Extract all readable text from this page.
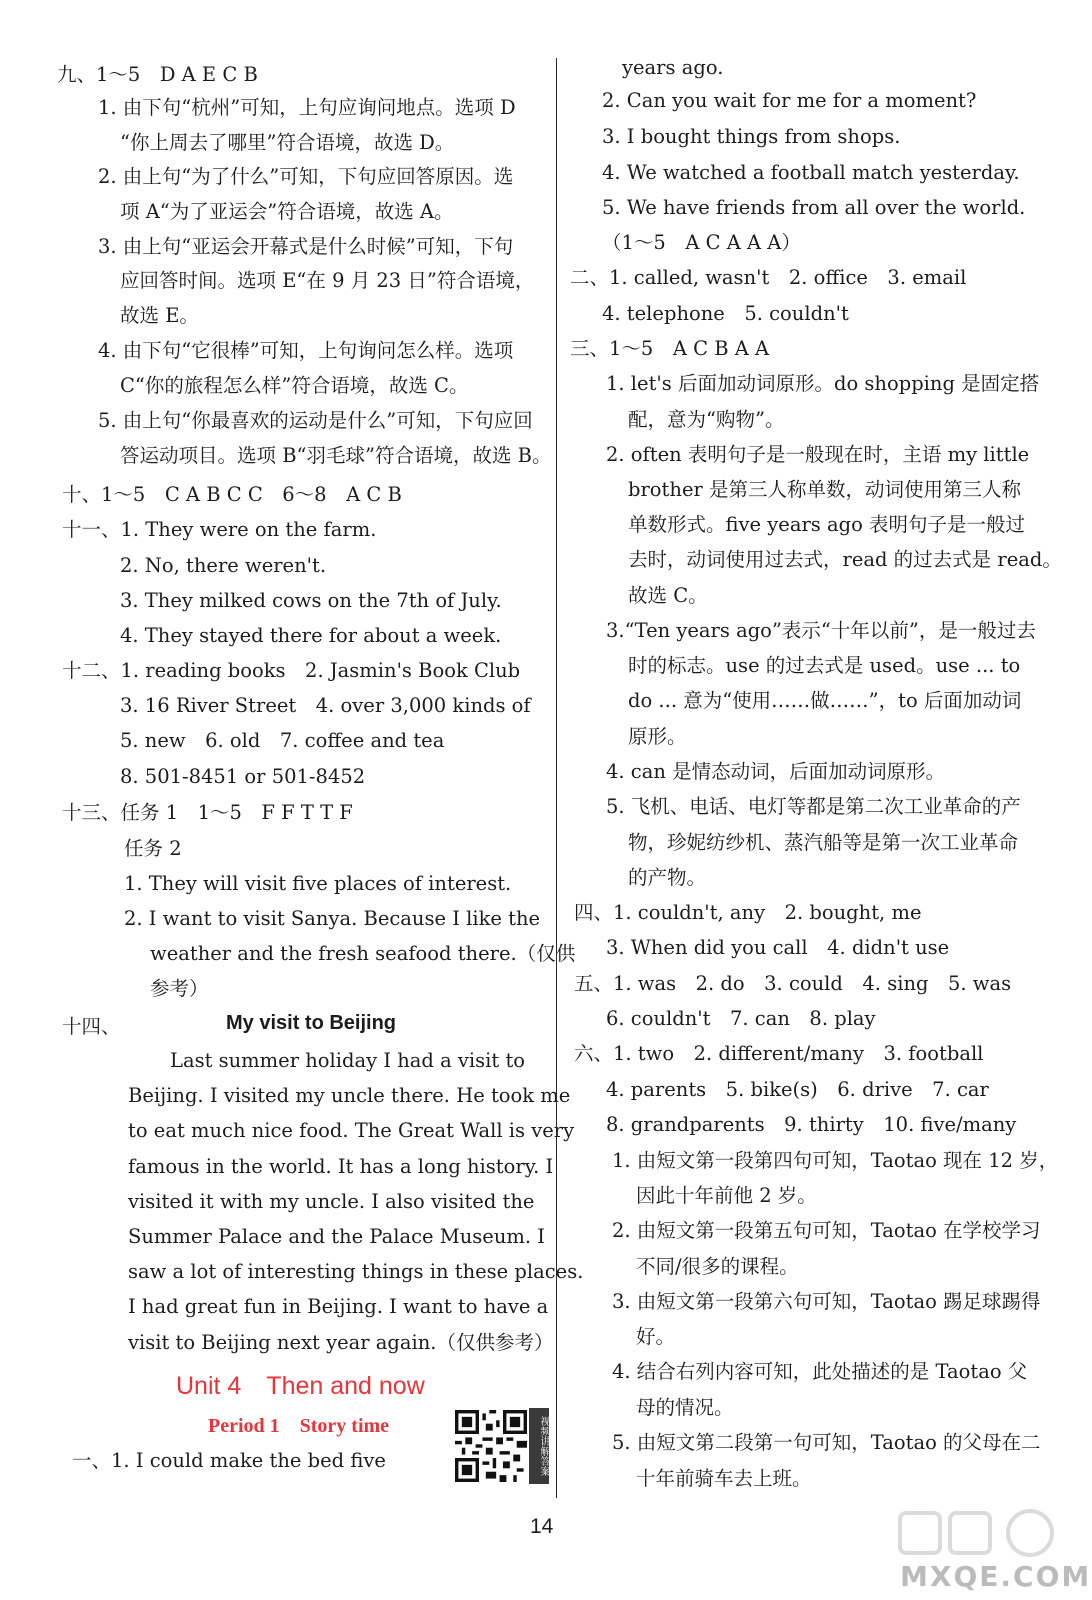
九、1～5　D A E C B
1. 由下句“杭州”可知，上句应询问地点。选项 D
“你上周去了哪里”符合语境，故选 D。
2. 由上句“为了什么”可知，下句应回答原因。选
项 A“为了亚运会”符合语境，故选 A。
3. 由上句“亚运会开幕式是什么时候”可知，下句
应回答时间。选项 E“在 9 月 23 日”符合语境，
故选 E。
4. 由下句“它很棒”可知，上句询问怎么样。选项
C“你的旅程怎么样”符合语境，故选 C。
5. 由上句“你最喜欢的运动是什么”可知，下句应回
答运动项目。选项 B“羽毛球”符合语境，故选 B。
十、1～5　C A B C C　6～8　A C B
十一、1. They were on the farm.
2. No, there weren't.
3. They milked cows on the 7th of July.
4. They stayed there for about a week.
十二、1. reading books　2. Jasmin's Book Club
3. 16 River Street　4. over 3,000 kinds of
5. new　6. old　7. coffee and tea
8. 501-8451 or 501-8452
十三、任务 1　1～5　F F T T F
任务 2
1. They will visit five places of interest.
2. I want to visit Sanya. Because I like the
weather and the fresh seafood there.（仅供
参考）
十四、
Last summer holiday I had a visit to
Beijing. I visited my uncle there. He took me
to eat much nice food. The Great Wall is very
famous in the world. It has a long history. I
visited it with my uncle. I also visited the
Summer Palace and the Palace Museum. I
saw a lot of interesting things in these places.
I had great fun in Beijing. I want to have a
visit to Beijing next year again.（仅供参考）
一、1. I could make the bed five
years ago.
2. Can you wait for me for a moment?
3. I bought things from shops.
4. We watched a football match yesterday.
5. We have friends from all over the world.
（1～5　A C A A A）
二、1. called, wasn't　2. office　3. email
4. telephone　5. couldn't
三、1～5　A C B A A
1. let's 后面加动词原形。do shopping 是固定搭
配，意为“购物”。
2. often 表明句子是一般现在时，主语 my little
brother 是第三人称单数，动词使用第三人称
单数形式。five years ago 表明句子是一般过
去时，动词使用过去式，read 的过去式是 read。
故选 C。
3.“Ten years ago”表示“十年以前”，是一般过去
时的标志。use 的过去式是 used。use ... to
do ... 意为“使用……做……”，to 后面加动词
原形。
4. can 是情态动词，后面加动词原形。
5. 飞机、电话、电灯等都是第二次工业革命的产
物，珍妮纺纱机、蒸汽船等是第一次工业革命
的产物。
四、1. couldn't, any　2. bought, me
3. When did you call　4. didn't use
五、1. was　2. do　3. could　4. sing　5. was
6. couldn't　7. can　8. play
六、1. two　2. different/many　3. football
4. parents　5. bike(s)　6. drive　7. car
8. grandparents　9. thirty　10. five/many
1. 由短文第一段第四句可知，Taotao 现在 12 岁，
因此十年前他 2 岁。
2. 由短文第一段第五句可知，Taotao 在学校学习
不同/很多的课程。
3. 由短文第一段第六句可知，Taotao 踢足球踢得
好。
4. 结合右列内容可知，此处描述的是 Taotao 父
母的情况。
5. 由短文第二段第一句可知，Taotao 的父母在二
十年前骑车去上班。
My visit to Beijing
Unit 4　Then and now
Period 1　Story time	视频讲解答案
14
MXQE.COM
